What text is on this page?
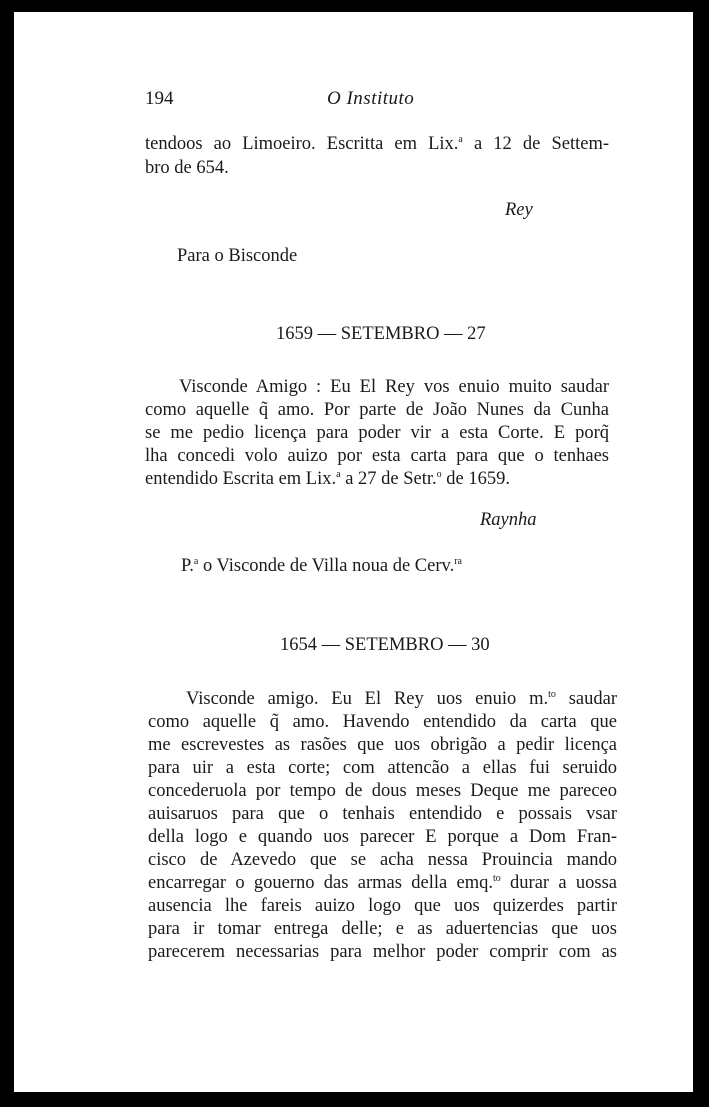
194	O Instituto
tendoos ao Limoeiro. Escritta em Lix.$^a$ a 12 de Settem-
bro de 654.
Rey
Para o Bisconde
1659 — SETEMBRO — 27
Visconde Amigo : Eu El Rey vos enuio muito saudar
como aquelle q̃ amo. Por parte de João Nunes da Cunha
se me pedio licença para poder vir a esta Corte. E porq̃
lha concedi volo auizo por esta carta para que o tenhaes
entendido Escrita em Lix.$^a$ a 27 de Setr.$^o$ de 1659.
Raynha
P.$^a$ o Visconde de Villa noua de Cerv.$^{ra}$
1654 — SETEMBRO — 30
Visconde amigo. Eu El Rey uos enuio m.$^{to}$ saudar
como aquelle q̃ amo. Havendo entendido da carta que
me escrevestes as rasões que uos obrigão a pedir licença
para uir a esta corte; com attencão a ellas fui seruido
concederuola por tempo de dous meses Deque me pareceo
auisaruos para que o tenhais entendido e possais vsar
della logo e quando uos parecer E porque a Dom Fran-
cisco de Azevedo que se acha nessa Prouincia mando
encarregar o gouerno das armas della emq.$^{to}$ durar a uossa
ausencia lhe fareis auizo logo que uos quizerdes partir
para ir tomar entrega delle; e as aduertencias que uos
parecerem necessarias para melhor poder comprir com as
